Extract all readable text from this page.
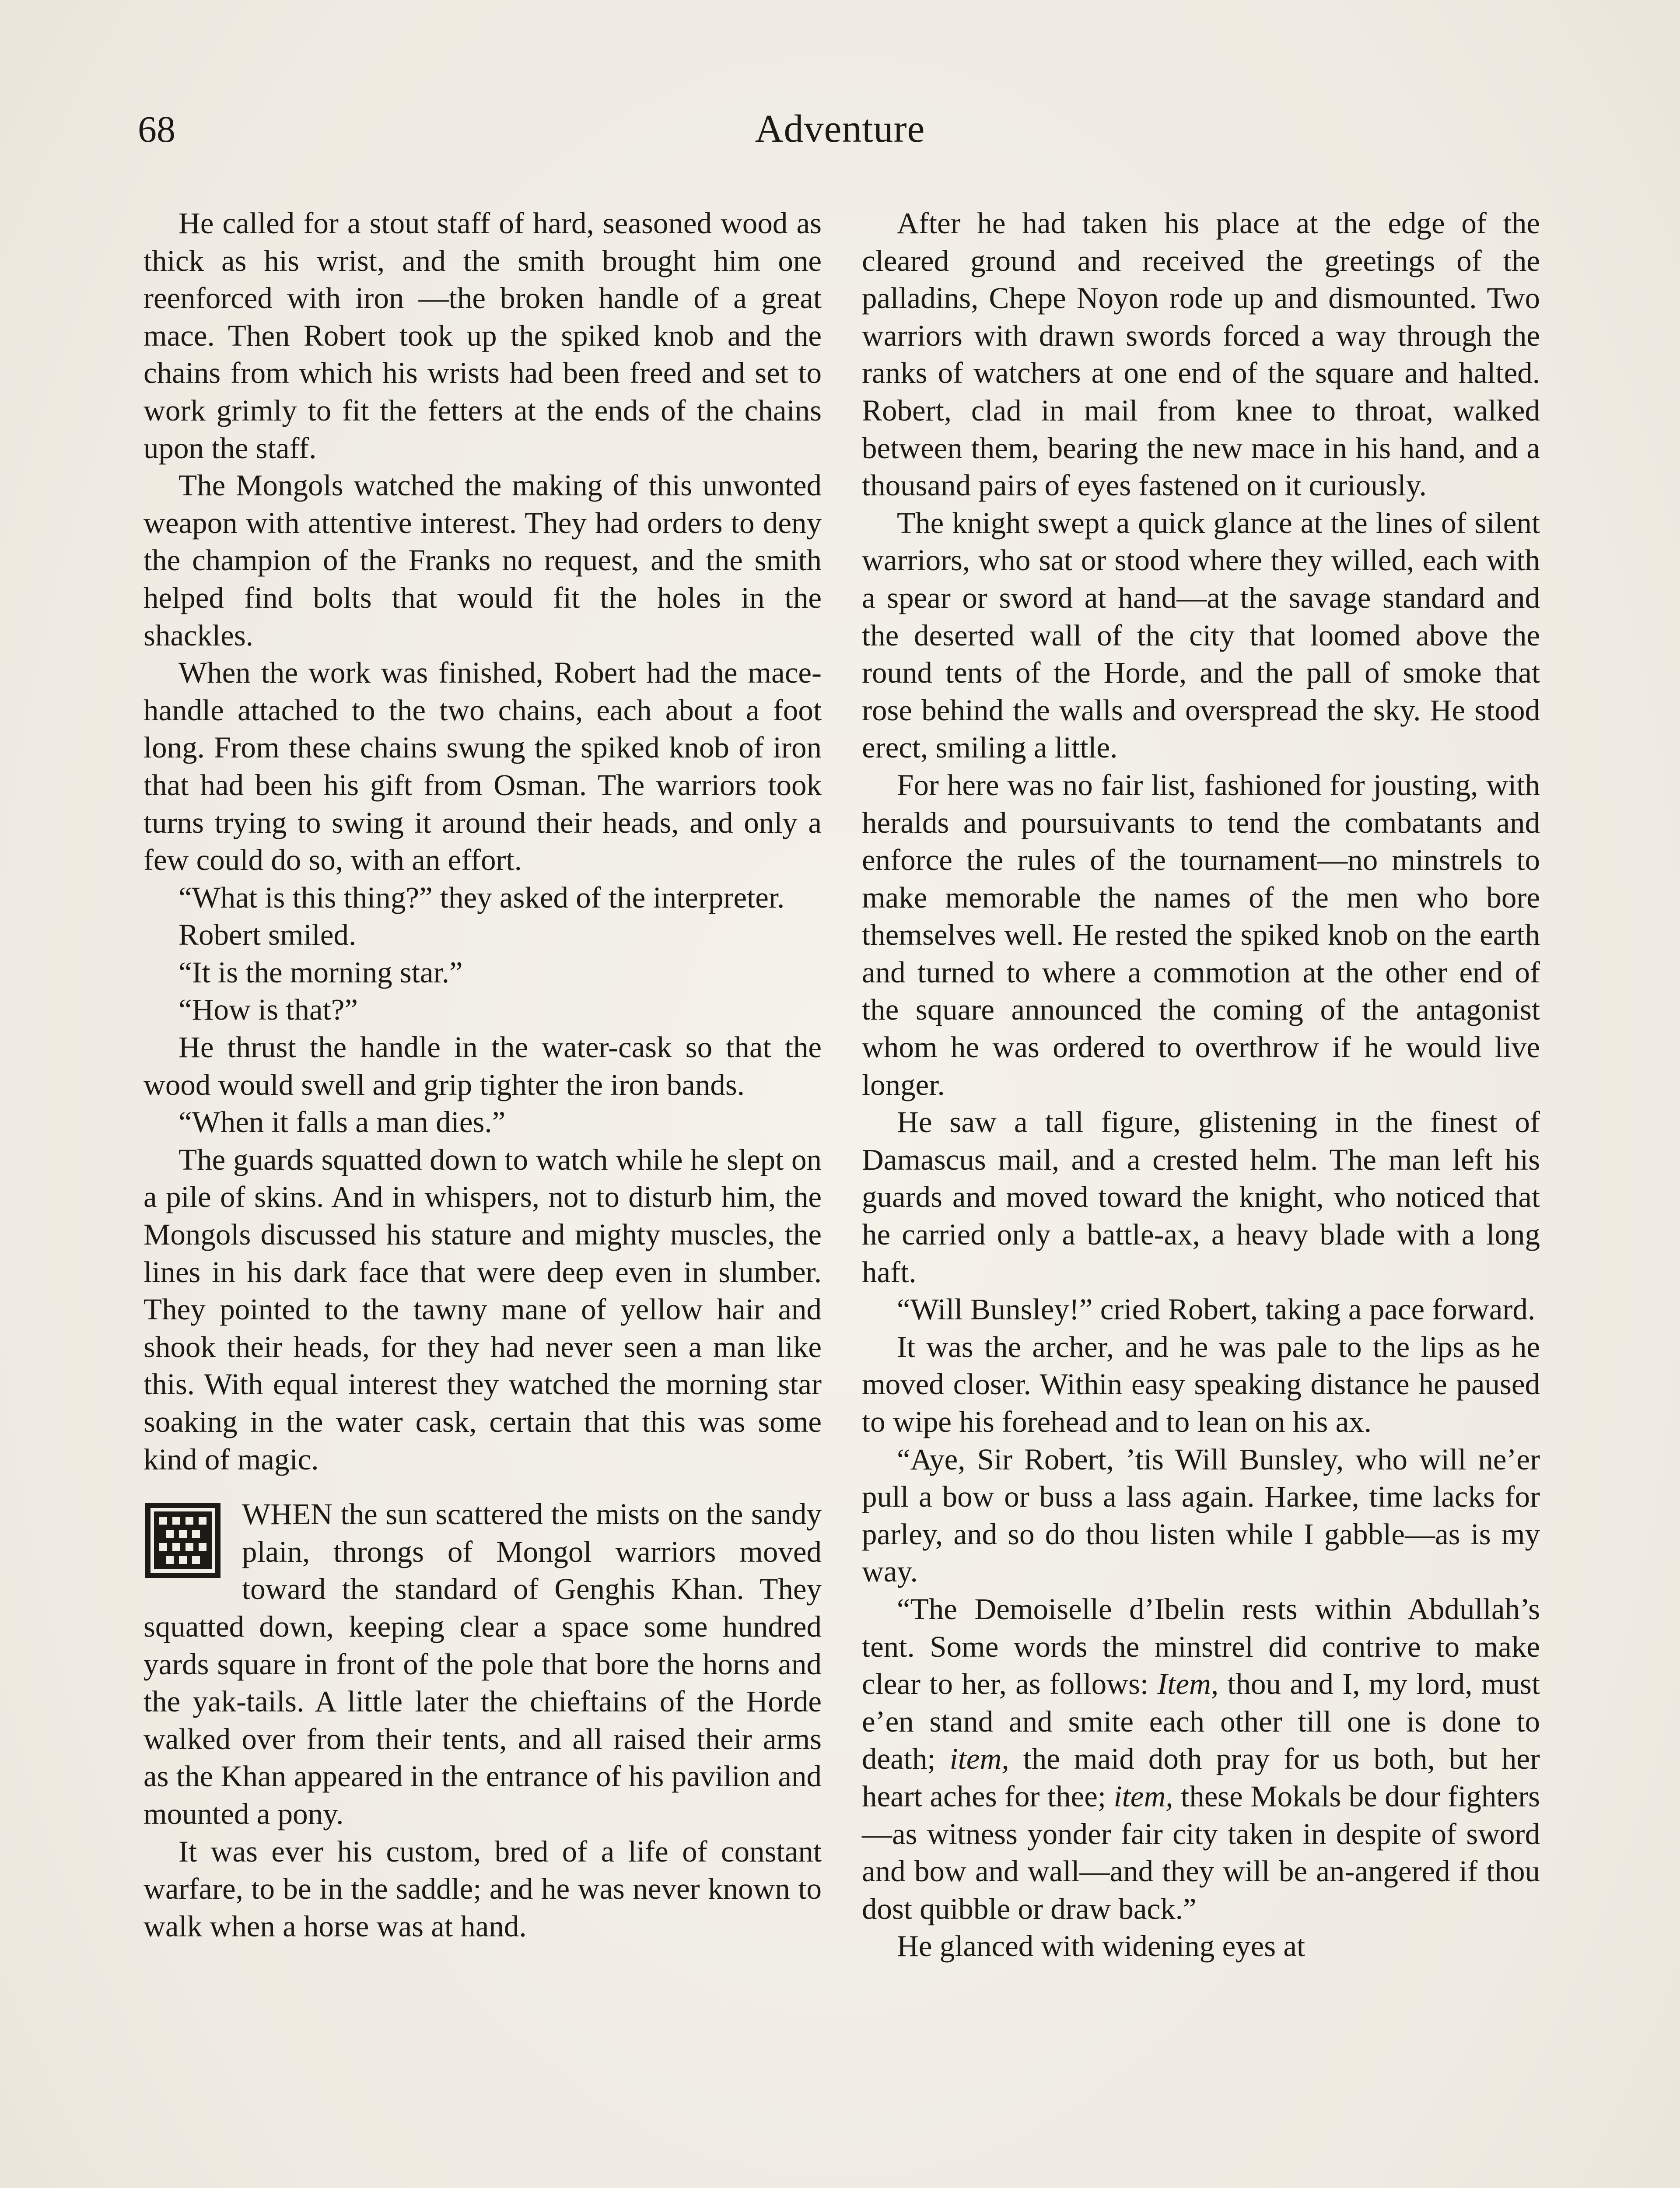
68	Adventure

He called for a stout staff of hard, seasoned wood as thick as his wrist, and the smith brought him one reenforced with iron —the broken handle of a great mace. Then Robert took up the spiked knob and the chains from which his wrists had been freed and set to work grimly to fit the fetters at the ends of the chains upon the staff.

The Mongols watched the making of this unwonted weapon with attentive interest. They had orders to deny the champion of the Franks no request, and the smith helped find bolts that would fit the holes in the shackles.

When the work was finished, Robert had the mace-handle attached to the two chains, each about a foot long. From these chains swung the spiked knob of iron that had been his gift from Osman. The warriors took turns trying to swing it around their heads, and only a few could do so, with an effort.

“What is this thing?” they asked of the interpreter.

Robert smiled.

“It is the morning star.”

“How is that?”

He thrust the handle in the water-cask so that the wood would swell and grip tighter the iron bands.

“When it falls a man dies.”

The guards squatted down to watch while he slept on a pile of skins. And in whispers, not to disturb him, the Mongols discussed his stature and mighty muscles, the lines in his dark face that were deep even in slumber. They pointed to the tawny mane of yellow hair and shook their heads, for they had never seen a man like this. With equal interest they watched the morning star soaking in the water cask, certain that this was some kind of magic.

WHEN the sun scattered the mists on the sandy plain, throngs of Mongol warriors moved toward the standard of Genghis Khan. They squatted down, keeping clear a space some hundred yards square in front of the pole that bore the horns and the yak-tails. A little later the chieftains of the Horde walked over from their tents, and all raised their arms as the Khan appeared in the entrance of his pavilion and mounted a pony.

It was ever his custom, bred of a life of constant warfare, to be in the saddle; and he was never known to walk when a horse was at hand.

After he had taken his place at the edge of the cleared ground and received the greetings of the palladins, Chepe Noyon rode up and dismounted. Two warriors with drawn swords forced a way through the ranks of watchers at one end of the square and halted. Robert, clad in mail from knee to throat, walked between them, bearing the new mace in his hand, and a thousand pairs of eyes fastened on it curiously.

The knight swept a quick glance at the lines of silent warriors, who sat or stood where they willed, each with a spear or sword at hand—at the savage standard and the deserted wall of the city that loomed above the round tents of the Horde, and the pall of smoke that rose behind the walls and overspread the sky. He stood erect, smiling a little.

For here was no fair list, fashioned for jousting, with heralds and poursuivants to tend the combatants and enforce the rules of the tournament—no minstrels to make memorable the names of the men who bore themselves well. He rested the spiked knob on the earth and turned to where a commotion at the other end of the square announced the coming of the antagonist whom he was ordered to overthrow if he would live longer.

He saw a tall figure, glistening in the finest of Damascus mail, and a crested helm. The man left his guards and moved toward the knight, who noticed that he carried only a battle-ax, a heavy blade with a long haft.

“Will Bunsley!” cried Robert, taking a pace forward.

It was the archer, and he was pale to the lips as he moved closer. Within easy speaking distance he paused to wipe his forehead and to lean on his ax.

“Aye, Sir Robert, ’tis Will Bunsley, who will ne’er pull a bow or buss a lass again. Harkee, time lacks for parley, and so do thou listen while I gabble—as is my way.

“The Demoiselle d’Ibelin rests within Abdullah’s tent. Some words the minstrel did contrive to make clear to her, as follows: Item, thou and I, my lord, must e’en stand and smite each other till one is done to death; item, the maid doth pray for us both, but her heart aches for thee; item, these Mokals be dour fighters—as witness yonder fair city taken in despite of sword and bow and wall—and they will be an-angered if thou dost quibble or draw back.”

He glanced with widening eyes at
